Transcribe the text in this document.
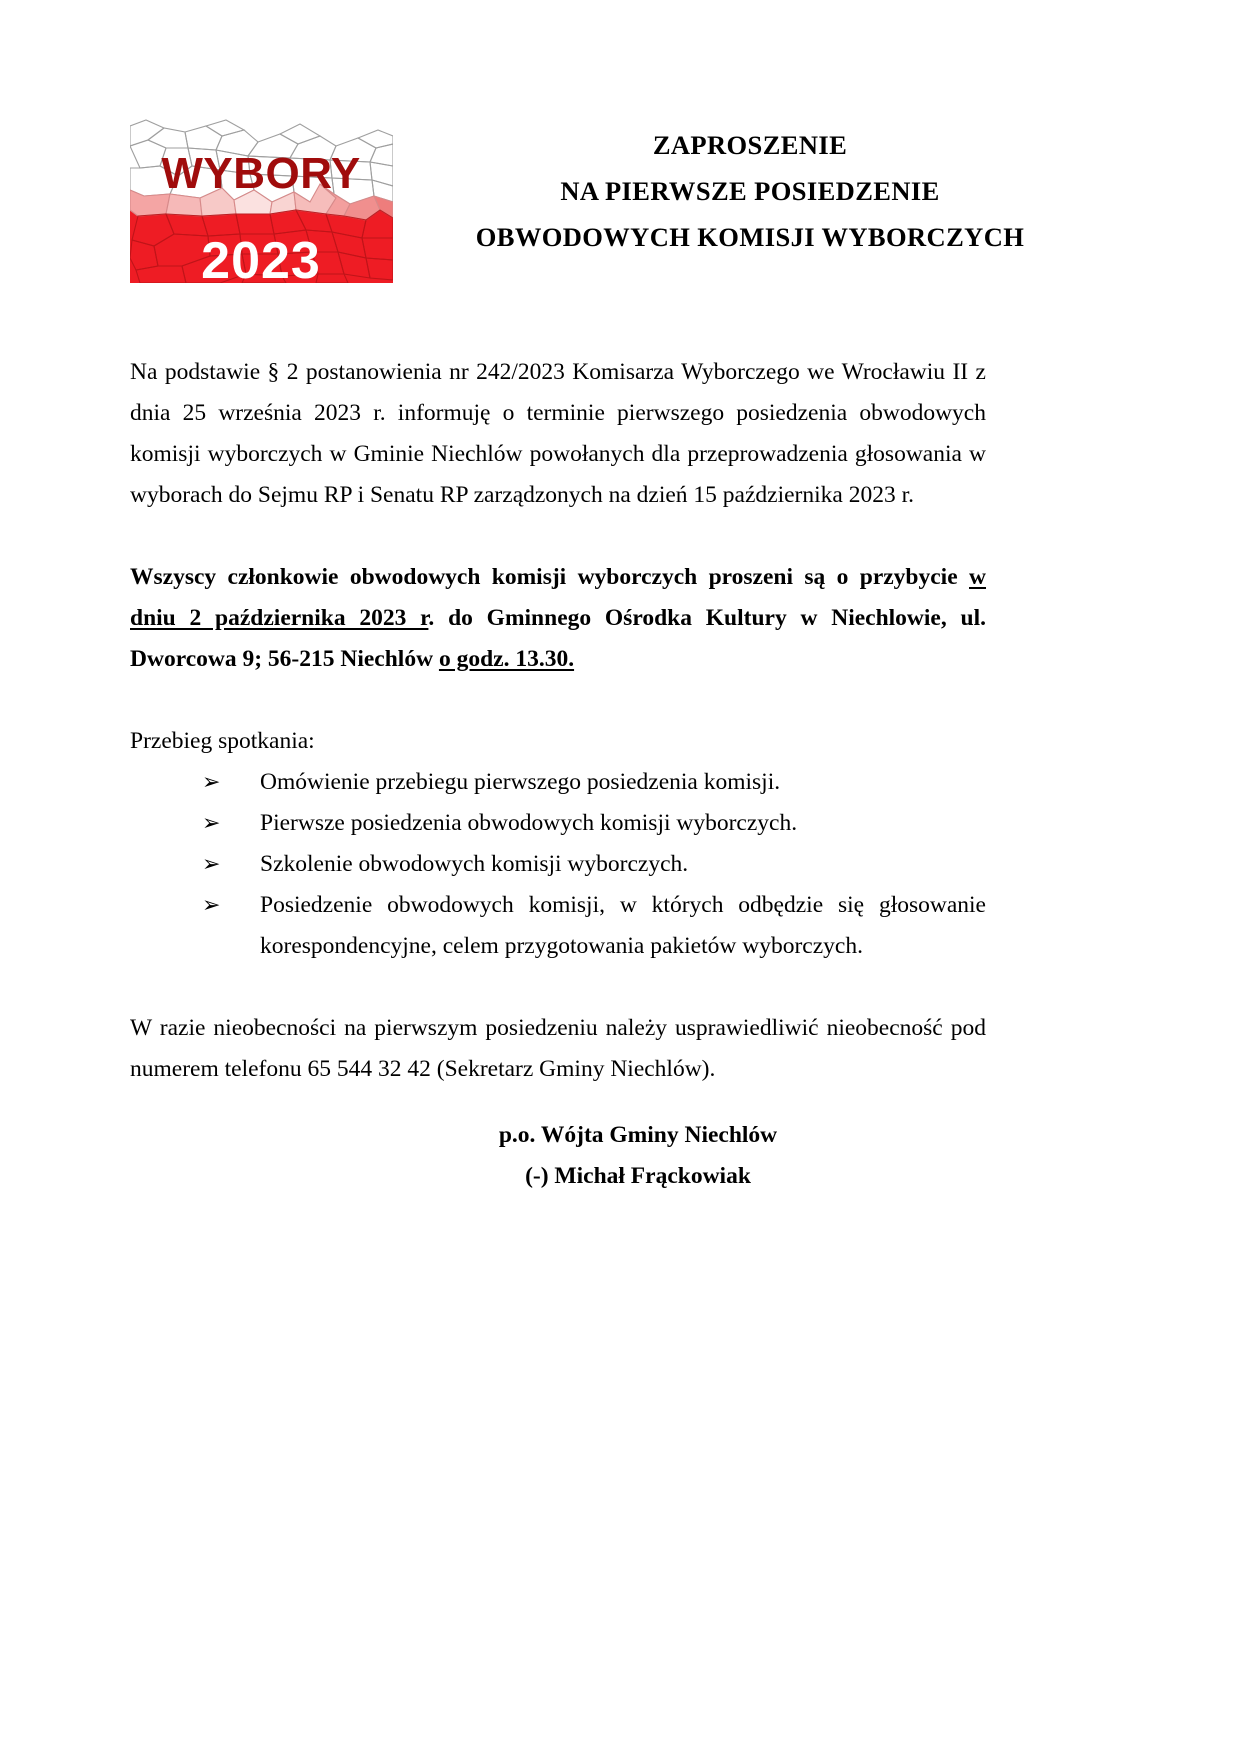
WYBORY
2023
ZAPROSZENIE
NA PIERWSZE POSIEDZENIE
OBWODOWYCH KOMISJI WYBORCZYCH

Na podstawie § 2 postanowienia nr 242/2023 Komisarza Wyborczego we Wrocławiu II z dnia 25 września 2023 r. informuję o terminie pierwszego posiedzenia obwodowych komisji wyborczych w Gminie Niechlów powołanych dla przeprowadzenia głosowania w wyborach do Sejmu RP i Senatu RP zarządzonych na dzień 15 października 2023 r.

Wszyscy członkowie obwodowych komisji wyborczych proszeni są o przybycie w dniu 2 października 2023 r. do Gminnego Ośrodka Kultury w Niechlowie, ul. Dworcowa 9; 56-215 Niechlów o godz. 13.30.

Przebieg spotkania:

➢	Omówienie przebiegu pierwszego posiedzenia komisji.
➢	Pierwsze posiedzenia obwodowych komisji wyborczych.
➢	Szkolenie obwodowych komisji wyborczych.
➢	Posiedzenie obwodowych komisji, w których odbędzie się głosowanie korespondencyjne, celem przygotowania pakietów wyborczych.

W razie nieobecności na pierwszym posiedzeniu należy usprawiedliwić nieobecność pod numerem telefonu 65 544 32 42 (Sekretarz Gminy Niechlów).

p.o. Wójta Gminy Niechlów
(-) Michał Frąckowiak
